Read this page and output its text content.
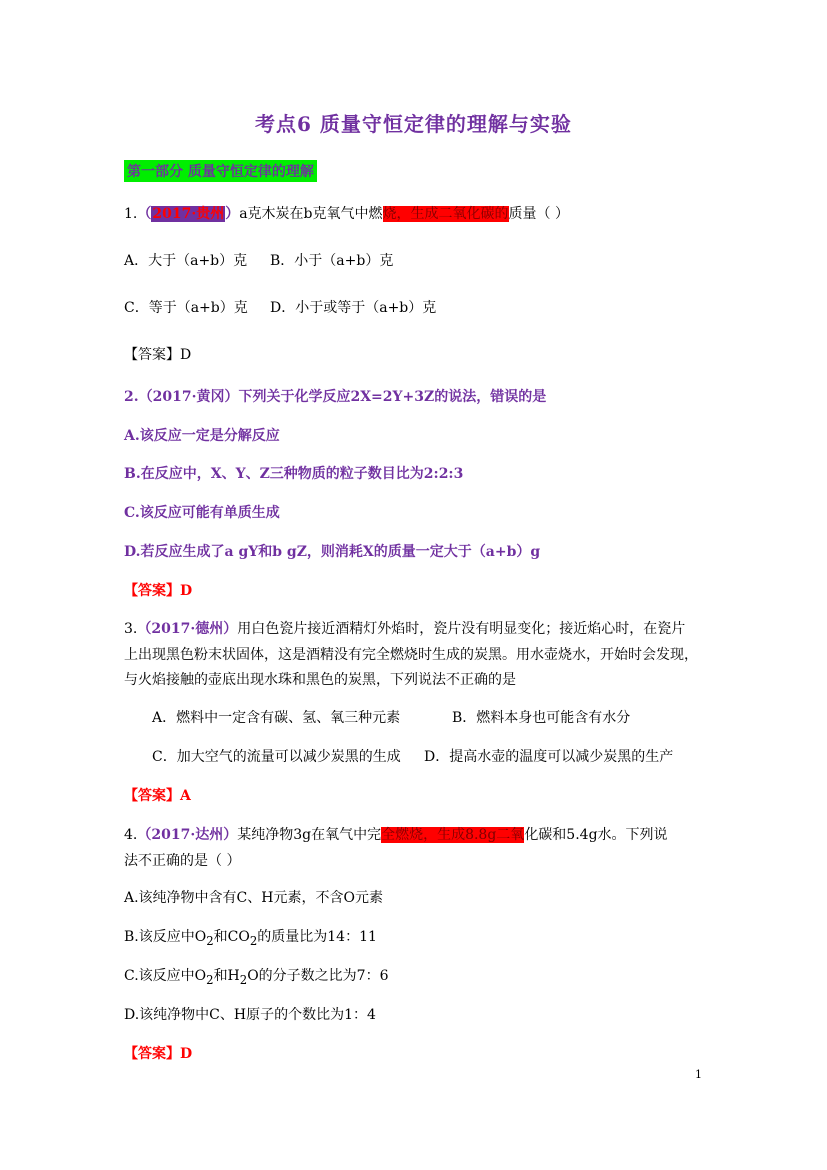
考点6 质量守恒定律的理解与实验
第一部分 质量守恒定律的理解
1.（2017·贵州）a克木炭在b克氧气中燃烧，生成二氧化碳的质量（ ）
A．大于（a+b）克 B．小于（a+b）克
C．等于（a+b）克 D．小于或等于（a+b）克
【答案】D
2.（2017·黄冈）下列关于化学反应2X=2Y+3Z的说法，错误的是
A.该反应一定是分解反应
B.在反应中，X、Y、Z三种物质的粒子数目比为2:2:3
C.该反应可能有单质生成
D.若反应生成了a gY和b gZ，则消耗X的质量一定大于（a+b）g
【答案】D
3.（2017·德州）用白色瓷片接近酒精灯外焰时，瓷片没有明显变化；接近焰心时，在瓷片
上出现黑色粉末状固体，这是酒精没有完全燃烧时生成的炭黑。用水壶烧水，开始时会发现，
与火焰接触的壶底出现水珠和黑色的炭黑，下列说法不正确的是
A．燃料中一定含有碳、氢、氧三种元素	B．燃料本身也可能含有水分
C．加大空气的流量可以减少炭黑的生成 D．提高水壶的温度可以减少炭黑的生产
【答案】A
4.（2017·达州）某纯净物3g在氧气中完全燃烧，生成8.8g二氧化碳和5.4g水。下列说
法不正确的是（ ）
A.该纯净物中含有C、H元素，不含O元素
B.该反应中$O_2$和$CO_2$的质量比为14：11
C.该反应中$O_2$和$H_2O$的分子数之比为7：6
D.该纯净物中C、H原子的个数比为1：4
【答案】D
1
